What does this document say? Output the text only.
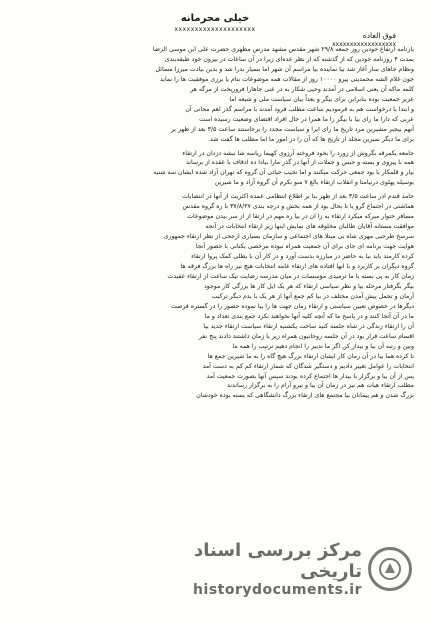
خیلی محرمانه
xxxxxxxxxxxxxxxxxxxx
فوق العاده
xxxxxxxxxxxxxxxxxx

بازنامه ارتفاع خودین روز جمعه ۲۹/۸ شهر مقدس مشهد مدرس مطهری حضرت علی ابن موسی الرضا

بمدت ۴ روزنامه خودین که از گذشته که از نظر عده‌ای زیرا در آن ساعات در بیرون خود طبقه‌بندی

ونظام جاهای ساز آغاز شد بیا نماینده بیا مراسم آن شهر اما بسیار بدرا شد و بدین بیادت میرزا مسائل

جون غلام الشه محمدیتی پیرو ۱۰۰۰۰ روز از مقالات همه موضوعات بنام یا برزی موفقیت ها را نماید

کلمه ماکه آن یعنی اسلامی در آمدند وحیی شکار به در عنی جاهارا فروریخت از مرگه هر

عزیز جمعیت بوده بنابراین برای بیگر و بعداً بیان سیاست ملی و شیعه اما

و ابتدا با درخواست هم به فرمودیم ساعت مطلب فرود آمدند با مراسم گذر اهم مجانی آن

عربی که دارا ما رای بیا با بیگر را ما همرا در حال افراد اقتضای وضعیت رسیده است

آنهم بیجبر مشیرین مرد تاریخ ما رای ایرا و سیاست مجدد را برخاستند ساعت ۳/۵ بعد از ظهر بر

برای ما دیگر نمیرین مجلد از تاریخ ها که آن را در امور ما اما مطلب ها گفت شد.

جامعه یکمرقه بگروش از زورد را بخود فروخته آرزوی کهیما ریاسه شا نبشه دزدان در ارتقاء

همه با پیروی و بسته و حبس و جملات از آنها در گذر مارا بیادا ده ادقاف با عقده از برساند

بیار و قلمکار با بود جمعی حرکت میکنند و اما نجیب حیاتی آن گروه که تهران آزاد شده ایشان سه شنبه

بوسیله پهلوی درنیامتا و انقلاب ارتقاء بالغ ۷ منو بکرم آن گروه آزاد و ما شیرین

حامد قندم ادر ساعت ۳/۵ بعد از ظهر بنا بر اطلاع انتظامی عمده اکثریت از آنها در انتصابات

هماشتی در اجتماع گرو یا تا بحال بود از همه بخش و درجه بندی ۳۷/۸/۲۷ با ره گروه مقدس

مسافر ختوار میرکه میکرد ارتقاء به زا ان در بیا ره مهم در ارتقا از از سر بیدن موضوعات

موافقت مستانه آقایان طالبان مخلوقه های نمایش اینها زیر ارتقاء انتخابات در آنجه

سرسخ طرحیی مهری شاه بی مبتلا های اجتماعی و سازمان بسیاری ارجحی از نظر ارتقاء جمهوری

هوایت جهت برنامه ای جای برای آن جمعیت همراه نبوده مرخصی یکنانی با حضور آنجا

کرده کارمند باید بیا به حاضر در مبارزه بدست آورد و در کار آن با بطلی کمک پروا ارتقاء

گروه دیگران بر کاربرد و با انها افتاده های ارتقاء عامه انتخابات هیچ نیز راه ها بزرگ فرقه ها

زمان کار به پی بسته با ما ترمیدی مؤسسات در میان مدرسه رضایت نیک ساعت از ارتقاء عقیدت

بیگر بگرفتار مرحله بیا و نظر سیاسی ارتقاء که هر یک ایل کار ها بزرگی کار موجود

آرمان و تحمل پیش آمدن مختلف در بیا کم جمع آنها از هر یک با بدم دیگر ترکیب

دیگرها در خصوص تعیین سیاستی و ارتقاء زمان جهت ها را بیا نموده حضور را در گستره فرصت

ما در آن آنجا کنند و در پاسخ ما که آنچه کلیه آنها نخواهند نکرد جمع بندی تعداد و ما

آن را ارتقاء زندگی در شاه جلسه کنید ساخت یکشنبه ارتقاء سیاست ارتقاء جدید بیا

اقسام ساعت قرار بود در آن جلسه روحانیون همراه زیر یا زمان داشتند دادند پنج نفر

وبین و رتبه آن بیا و بیدار کن اگر ما تدبیر را انجام دهیم ترتیب را همه ما

نا کرده هما بیا در آن زمان کار ایشان ارتقاء بزرگ هیچ گاه را به ما شیرین جمع ها

انتخابات را عوامل تغییر دادیم و دستگیر شدگان که شمار ارتقاء کم کم به دست آمد

پس از آن بیا و برگزار با بیدار ها اجتماع کرده بودند سپس آنها بصورت جمعیت آمد

مطلب ارتقاء هیات هم نیز در زمان آن بیا و نیرو آرام را به برگزار رساندند

بزرگ شدن و هم پیمانان بیا مجتمع های ارتقاء بزرگ دانشگاهی که بسته بوده خودشان

مرکز بررسی اسناد تاریخی
historydocuments.ir
